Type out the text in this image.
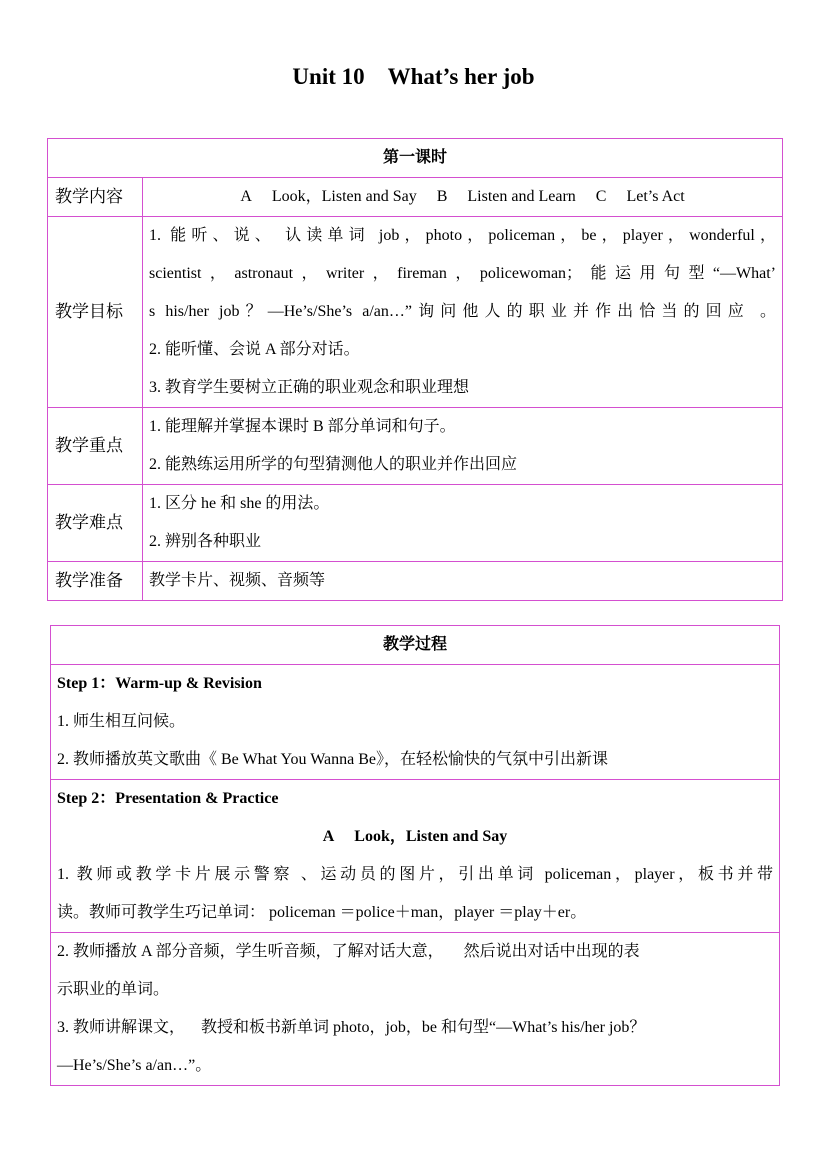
Unit 10 What’s her job
第一课时	
教学内容	A  Look，Listen and Say  B  Listen and Learn  C  Let’s Act
教学目标	1. 能听、说、 认读单词 job，photo，policeman，be，player，wonderful，
scientist，astronaut，writer，fireman，policewoman；能运用句型“—What’
s his/her job？—He’s/She’s a/an…”询问他人的职业并作出恰当的回应 。
2. 能听懂、会说 A 部分对话。
3. 教育学生要树立正确的职业观念和职业理想

教学重点	1. 能理解并掌握本课时 B 部分单词和句子。
2. 能熟练运用所学的句型猜测他人的职业并作出回应

教学难点	1. 区分 he 和 she 的用法。
2. 辨别各种职业

教学准备	教学卡片、视频、音频等
教学过程

Step 1：Warm-up & Revision
1. 师生相互问候。
2. 教师播放英文歌曲《 Be What You Wanna Be》，在轻松愉快的气氛中引出新课

Step 2：Presentation & Practice
A  Look，Listen and Say
1. 教师或教学卡片展示警察 、运动员的图片，引出单词 policeman，player，板书并带
读。教师可教学生巧记单词： policeman ＝police＋man，player ＝play＋er。

2. 教师播放 A 部分音频，学生听音频，了解对话大意，  然后说出对话中出现的表
示职业的单词。
3. 教师讲解课文， 教授和板书新单词 photo，job，be 和句型“—What’s his/her job？
—He’s/She’s a/an…”。
